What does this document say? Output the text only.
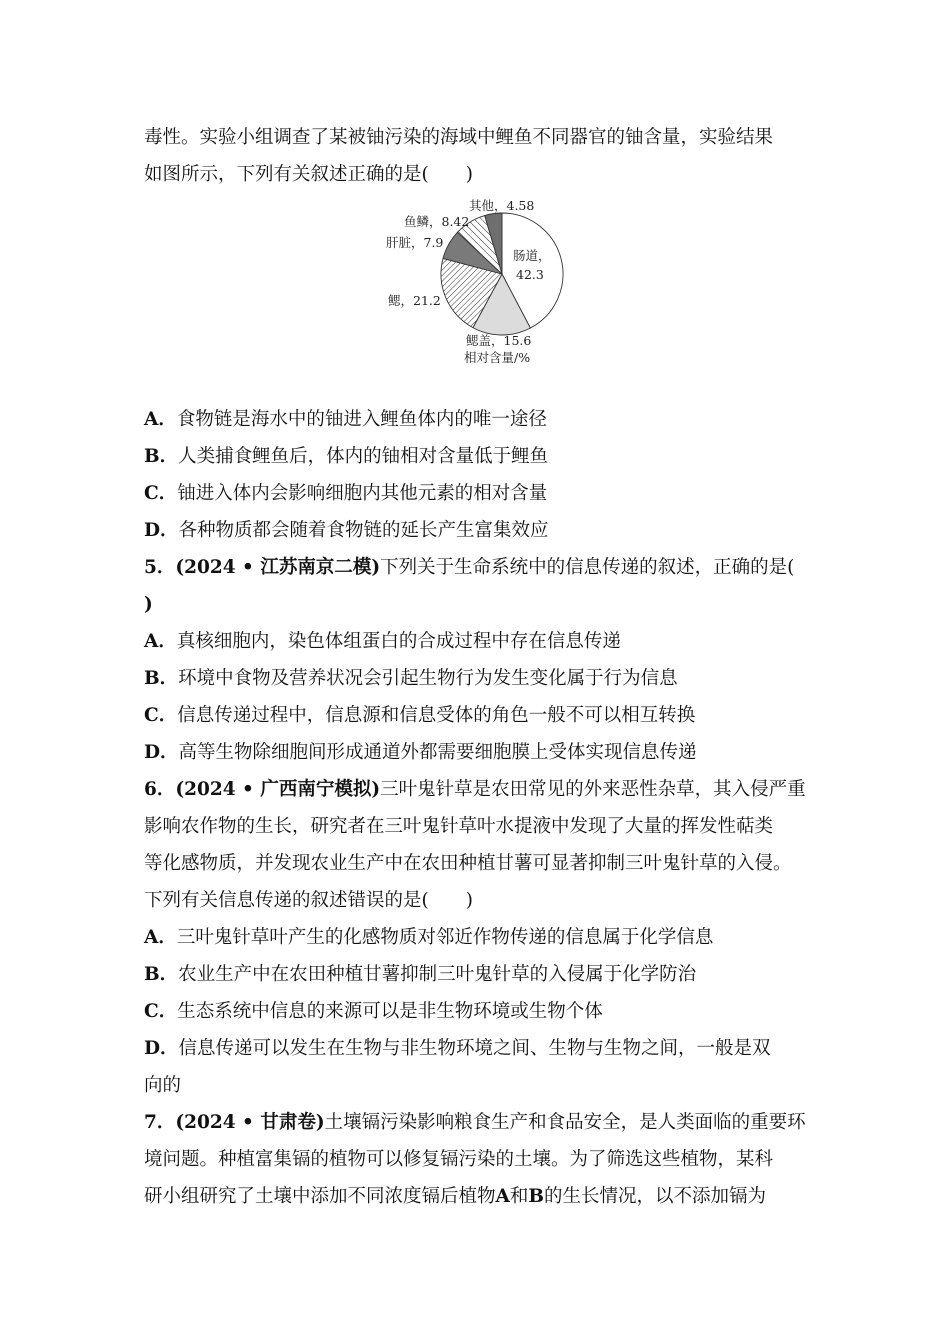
毒性。实验小组调查了某被铀污染的海域中鲤鱼不同器官的铀含量，实验结果
如图所示，下列有关叙述正确的是(　　)
肠道，
42.3
鳃盖，15.6
鳃，21.2
肝脏，7.9
鱼鳞，8.42
其他，4.58
相对含量/%
A．食物链是海水中的铀进入鲤鱼体内的唯一途径
B．人类捕食鲤鱼后，体内的铀相对含量低于鲤鱼
C．铀进入体内会影响细胞内其他元素的相对含量
D．各种物质都会随着食物链的延长产生富集效应
5．(2024 • 江苏南京二模)下列关于生命系统中的信息传递的叙述，正确的是(
)
A．真核细胞内，染色体组蛋白的合成过程中存在信息传递
B．环境中食物及营养状况会引起生物行为发生变化属于行为信息
C．信息传递过程中，信息源和信息受体的角色一般不可以相互转换
D．高等生物除细胞间形成通道外都需要细胞膜上受体实现信息传递
6．(2024 • 广西南宁模拟)三叶鬼针草是农田常见的外来恶性杂草，其入侵严重
影响农作物的生长，研究者在三叶鬼针草叶水提液中发现了大量的挥发性萜类
等化感物质，并发现农业生产中在农田种植甘薯可显著抑制三叶鬼针草的入侵。
下列有关信息传递的叙述错误的是(　　)
A．三叶鬼针草叶产生的化感物质对邻近作物传递的信息属于化学信息
B．农业生产中在农田种植甘薯抑制三叶鬼针草的入侵属于化学防治
C．生态系统中信息的来源可以是非生物环境或生物个体
D．信息传递可以发生在生物与非生物环境之间、生物与生物之间，一般是双
向的
7．(2024 • 甘肃卷)土壤镉污染影响粮食生产和食品安全，是人类面临的重要环
境问题。种植富集镉的植物可以修复镉污染的土壤。为了筛选这些植物，某科
研小组研究了土壤中添加不同浓度镉后植物A和B的生长情况，以不添加镉为
